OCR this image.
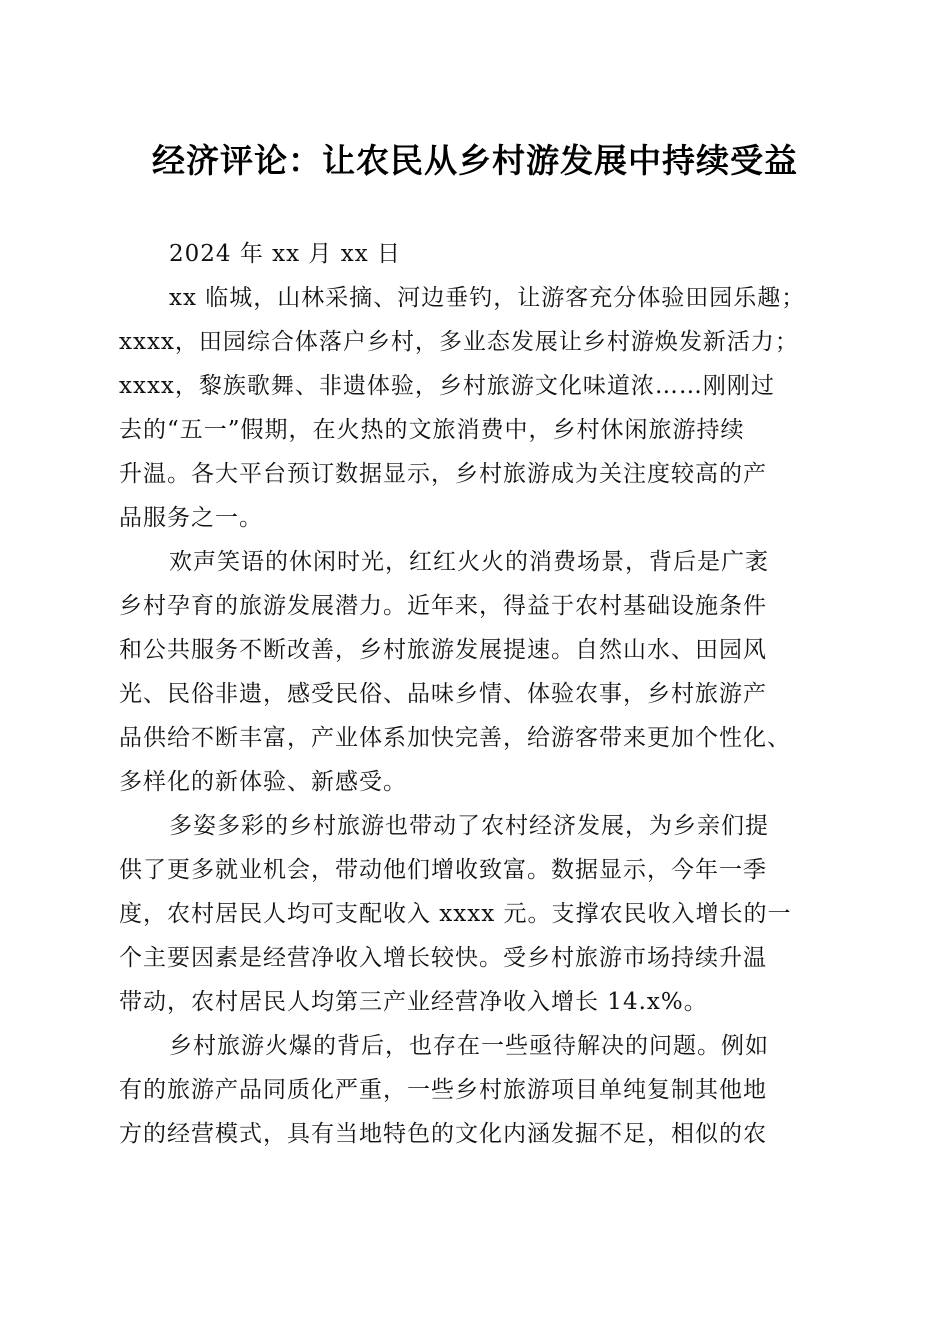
经济评论：让农民从乡村游发展中持续受益
2024 年 xx 月 xx 日
xx 临城，山林采摘、河边垂钓，让游客充分体验田园乐趣；
xxxx，田园综合体落户乡村，多业态发展让乡村游焕发新活力；
xxxx，黎族歌舞、非遗体验，乡村旅游文化味道浓……刚刚过
去的“五一”假期，在火热的文旅消费中，乡村休闲旅游持续
升温。各大平台预订数据显示，乡村旅游成为关注度较高的产
品服务之一。
欢声笑语的休闲时光，红红火火的消费场景，背后是广袤
乡村孕育的旅游发展潜力。近年来，得益于农村基础设施条件
和公共服务不断改善，乡村旅游发展提速。自然山水、田园风
光、民俗非遗，感受民俗、品味乡情、体验农事，乡村旅游产
品供给不断丰富，产业体系加快完善，给游客带来更加个性化、
多样化的新体验、新感受。
多姿多彩的乡村旅游也带动了农村经济发展，为乡亲们提
供了更多就业机会，带动他们增收致富。数据显示，今年一季
度，农村居民人均可支配收入 xxxx 元。支撑农民收入增长的一
个主要因素是经营净收入增长较快。受乡村旅游市场持续升温
带动，农村居民人均第三产业经营净收入增长 14.x%。
乡村旅游火爆的背后，也存在一些亟待解决的问题。例如
有的旅游产品同质化严重，一些乡村旅游项目单纯复制其他地
方的经营模式，具有当地特色的文化内涵发掘不足，相似的农
